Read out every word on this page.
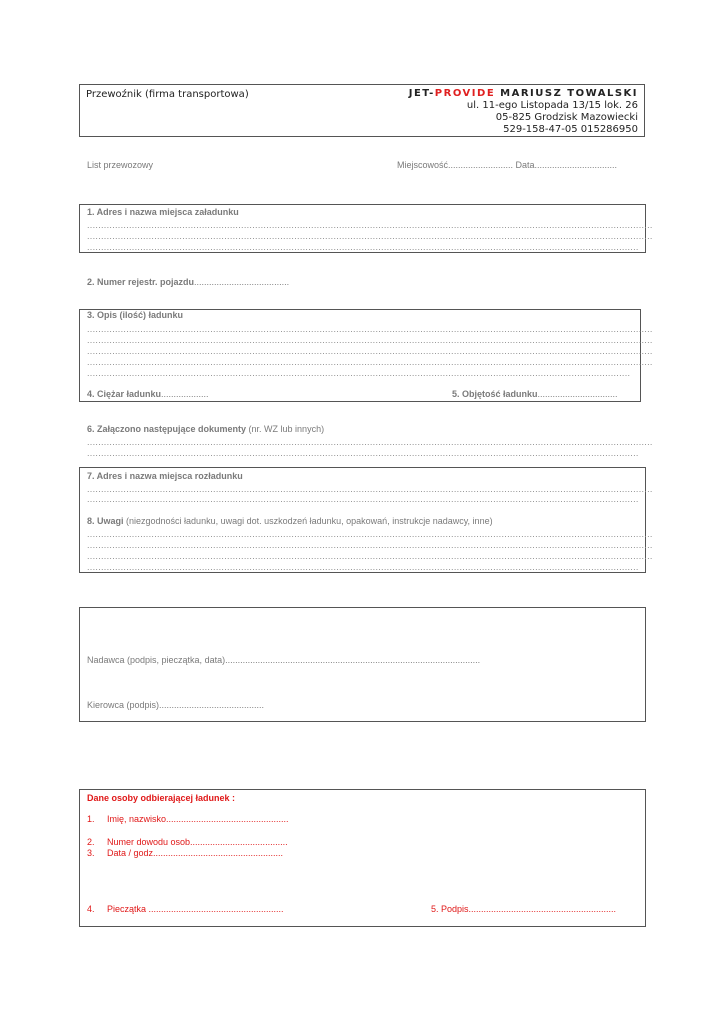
Przewoźnik (firma transportowa)	JET-PROVIDE MARIUSZ TOWALSKI
ul. 11-ego Listopada 13/15 lok. 26
05-825 Grodzisk Mazowiecki
529-158-47-05 015286950
List przewozowy	Miejscowość.......................... Data.................................
1. Adres i nazwa miejsca załadunku
.....
.....
.....
2. Numer rejestr. pojazdu......................................
3. Opis (ilość) ładunku
.....
.....
.....
.....
.....
4. Ciężar ładunku...................	5. Objętość ładunku................................
6. Załączono następujące dokumenty (nr. WZ lub innych)
.....
.....
7. Adres i nazwa miejsca rozładunku
.....
.....
8. Uwagi (niezgodności ładunku, uwagi dot. uszkodzeń ładunku, opakowań, instrukcje nadawcy, inne)
.....
.....
.....
.....
Nadawca (podpis, pieczątka, data)......................................................................................................
Kierowca (podpis)..........................................
Dane osoby odbierającej ładunek :
1. Imię, nazwisko.................................................
2. Numer dowodu osob.......................................
3. Data / godz....................................................
4. Pieczątka ......................................................	5. Podpis...........................................................
